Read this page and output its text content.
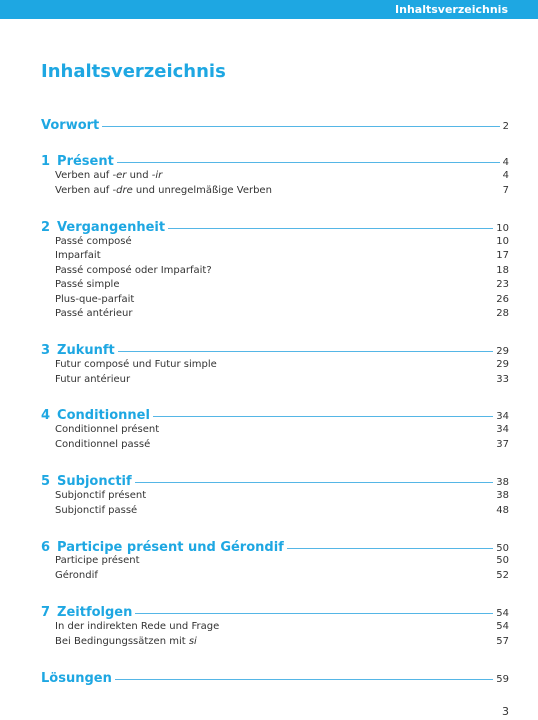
Inhaltsverzeichnis
Inhaltsverzeichnis
Vorwort	2
1 Présent	4
Verben auf -er und -ir	4
Verben auf -dre und unregelmäßige Verben	7
2 Vergangenheit	10
Passé composé	10
Imparfait	17
Passé composé oder Imparfait?	18
Passé simple	23
Plus-que-parfait	26
Passé antérieur	28
3 Zukunft	29
Futur composé und Futur simple	29
Futur antérieur	33
4 Conditionnel	34
Conditionnel présent	34
Conditionnel passé	37
5 Subjonctif	38
Subjonctif présent	38
Subjonctif passé	48
6 Participe présent und Gérondif	50
Participe présent	50
Gérondif	52
7 Zeitfolgen	54
In der indirekten Rede und Frage	54
Bei Bedingungssätzen mit si	57
Lösungen	59
3
